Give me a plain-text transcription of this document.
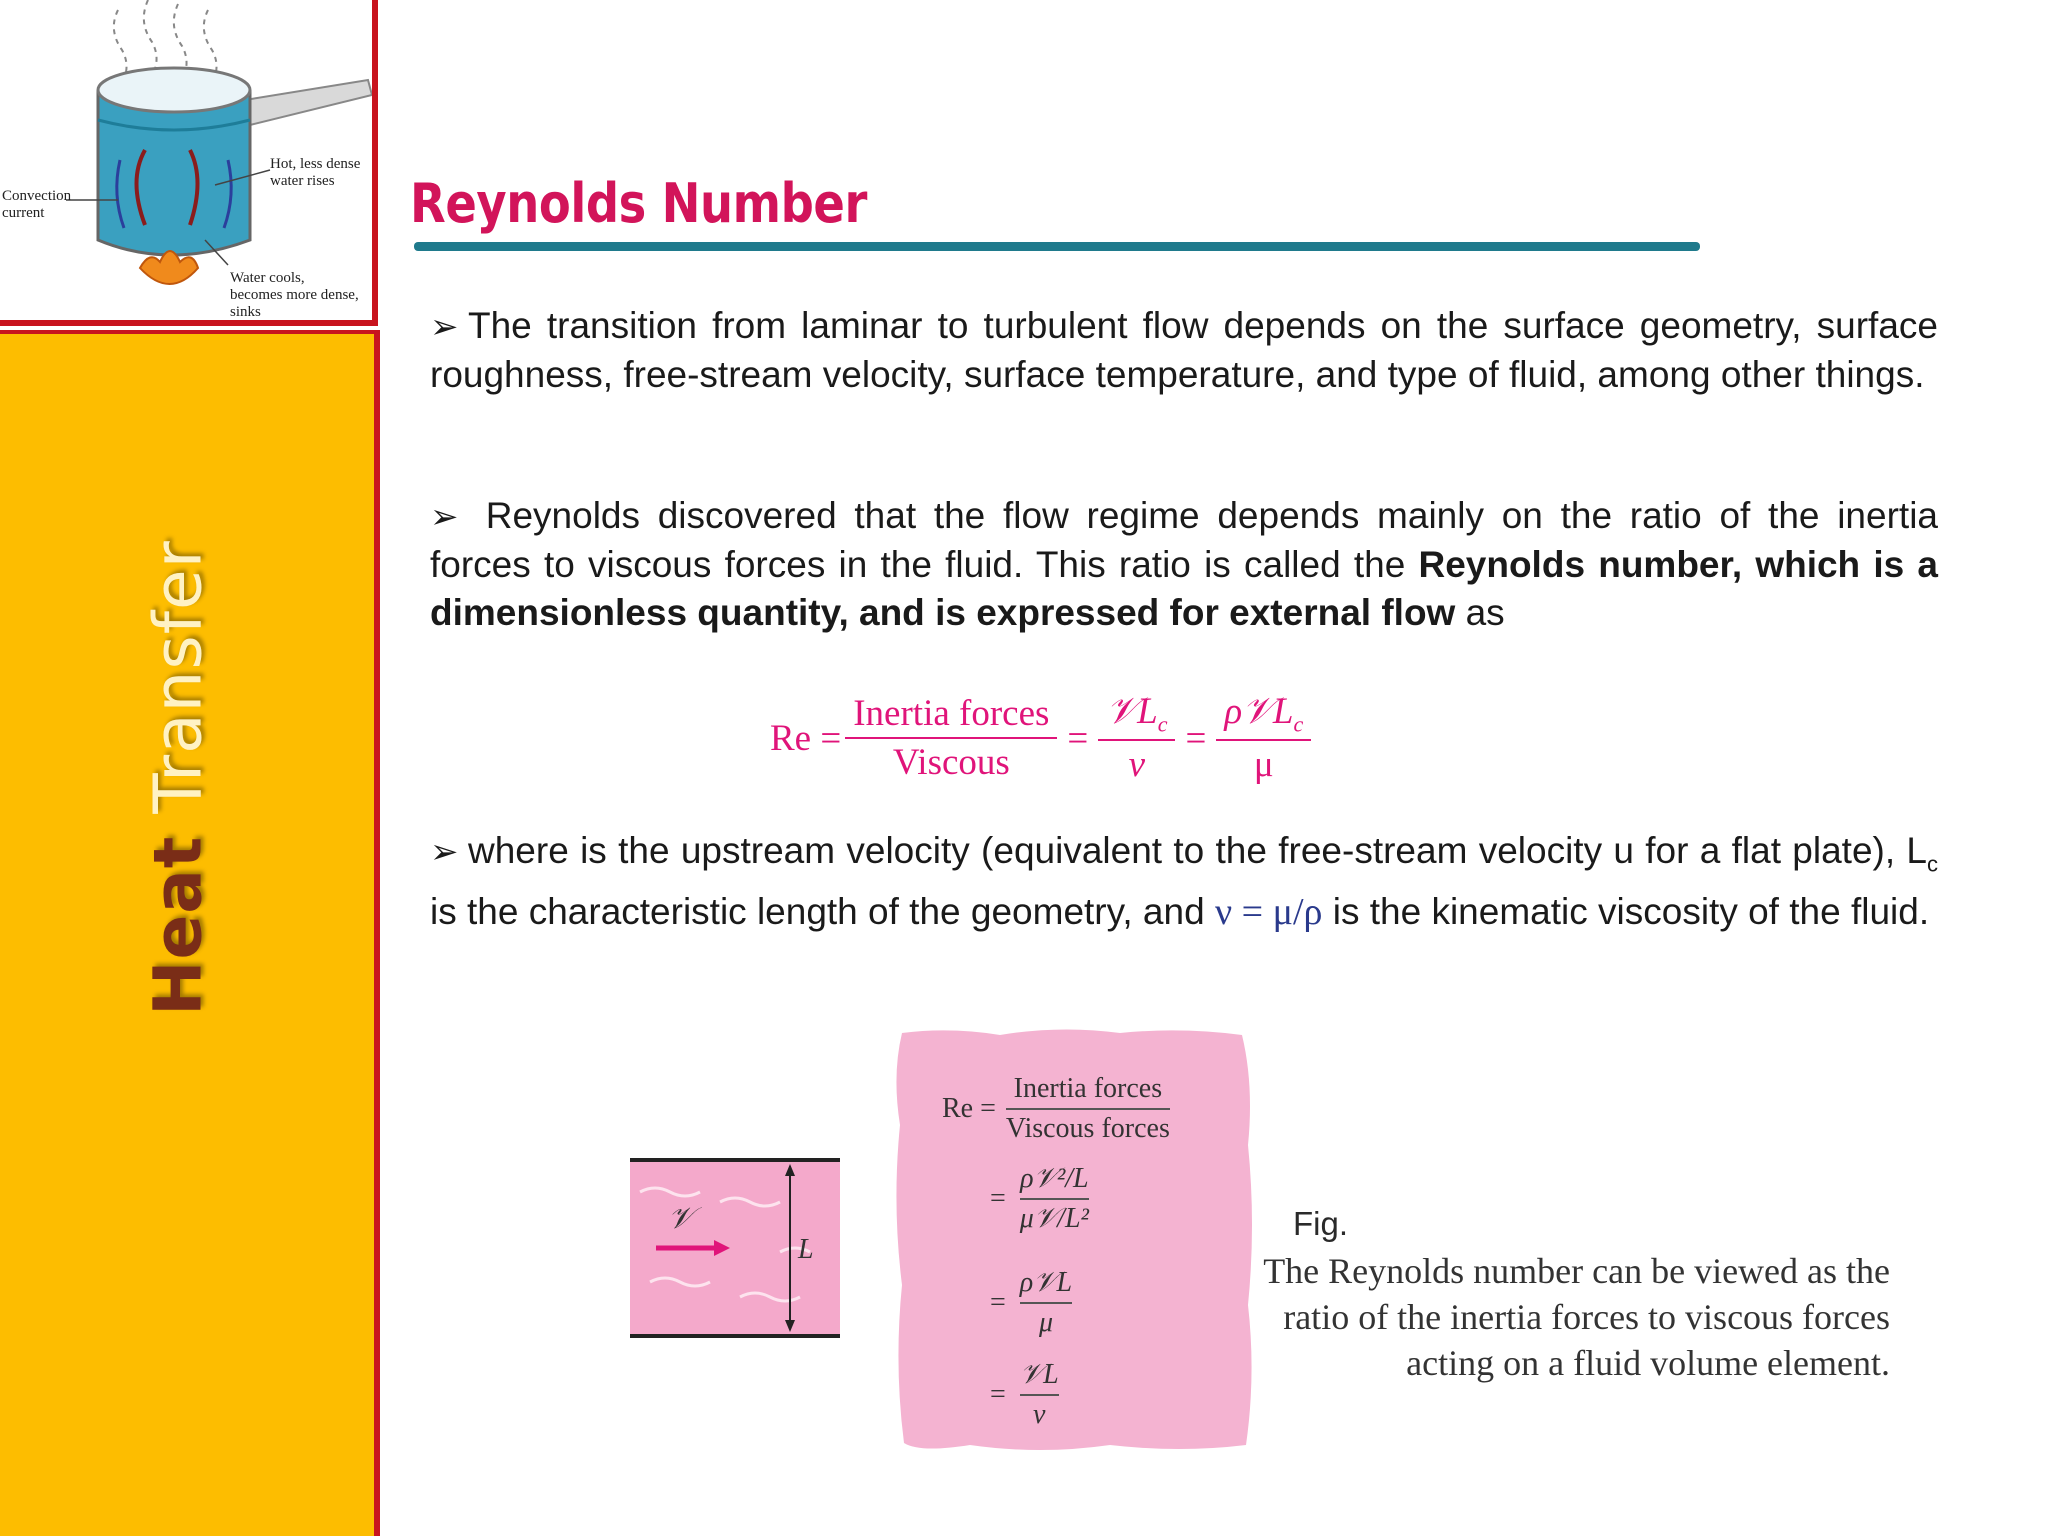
Convection current
Hot, less dense water rises
Water cools, becomes more dense, sinks
HeatTransfer
Reynolds Number
➢ The transition from laminar to turbulent flow depends on the surface geometry, surface roughness, free-stream velocity, surface temperature, and type of fluid, among other things.
➢ Reynolds discovered that the flow regime depends mainly on the ratio of the inertia forces to viscous forces in the fluid. This ratio is called the Reynolds number, which is a dimensionless quantity, and is expressed for external flow as
$Re = \frac{\text{Inertia forces}}{\text{Viscous}} = \frac{𝒱L_c}{\nu} = \frac{\rho 𝒱L_c}{\mu}$
➢ where is the upstream velocity (equivalent to the free-stream velocity u for a flat plate), $L_c$ is the characteristic length of the geometry, and ν = μ/ρ is the kinematic viscosity of the fluid.
𝒱
L
$Re = \frac{\text{Inertia forces}}{\text{Viscous forces}}$
= $\frac{\text{ρ𝒱²/L}}{\text{μ𝒱/L²}}$
= $\frac{\text{ρ𝒱L}}{\mu}$
= $\frac{\text{𝒱L}}{\nu}$
Fig.
The Reynolds number can be viewed as the ratio of the inertia forces to viscous forces acting on a fluid volume element.
